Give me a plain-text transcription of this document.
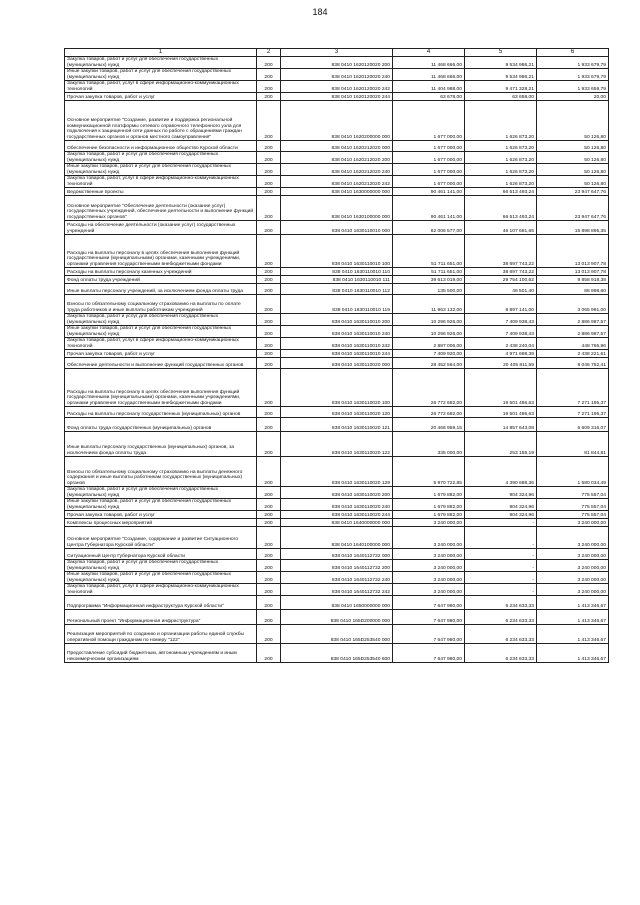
184
1	2	3	4	5	6
Закупка товаров, работ и услуг для обеспечения государственных (муниципальных) нужд	200	838 0410 1620120020 200	11 468 666,00	9 534 986,21	1 933 679,79
Иные закупки товаров, работ и услуг для обеспечения государственных (муниципальных) нужд	200	838 0410 1620120020 240	11 468 666,00	9 534 986,21	1 933 679,79
Закупка товаров, работ, услуг в сфере информационно-коммуникационных технологий	200	838 0410 1620120020 242	11 404 988,00	9 471 328,21	1 933 659,79
Прочая закупка товаров, работ и услуг	200	838 0410 1620120020 244	63 678,00	63 658,00	20,00
Основное мероприятие "Создание, развитие и поддержка региональной коммуникационной платформы сетевого справочного телефонного узла для подключения к защищенной сети данных по работе с обращениями граждан государственных органов и органов местного самоуправления"	200	838 0410 1620200000 000	1 677 000,00	1 626 873,20	50 126,80
Обеспечение безопасности и информационное общество Курской области	200	838 0410 1620212020 000	1 677 000,00	1 626 873,20	50 126,80
Закупка товаров, работ и услуг для обеспечения государственных (муниципальных) нужд	200	838 0410 1620212020 200	1 677 000,00	1 626 873,20	50 126,80
Иные закупки товаров, работ и услуг для обеспечения государственных (муниципальных) нужд	200	838 0410 1620212020 240	1 677 000,00	1 626 873,20	50 126,80
Закупка товаров, работ, услуг в сфере информационно-коммуникационных технологий	200	838 0410 1620212020 242	1 677 000,00	1 626 873,20	50 126,80
Ведомственные проекты	200	838 0410 1630000000 000	90 461 141,00	66 513 493,24	23 947 647,76
Основное мероприятие "Обеспечение деятельности (оказание услуг) государственных учреждений, обеспечение деятельности и выполнение функций государственных органов"	200	838 0410 1630100000 000	90 461 141,00	66 513 493,24	23 947 647,76
Расходы на обеспечение деятельности (оказание услуг) государственных учреждений	200	838 0410 1630110010 000	62 006 577,00	46 107 681,65	15 898 895,35
Расходы на выплаты персоналу в целях обеспечения выполнения функций государственными (муниципальными) органами, казенными учреждениями, органами управления государственными внебюджетными фондами	200	838 0410 1630110010 100	51 711 651,00	38 697 743,22	13 013 907,78
Расходы на выплаты персоналу казенных учреждений	200	838 0410 1630110010 110	51 711 651,00	38 697 743,22	13 013 907,78
Фонд оплаты труда учреждений	200	838 0410 1630110010 111	39 613 019,00	29 754 100,62	9 858 918,38
Иные выплаты персоналу учреждений, за исключением фонда оплаты труда	200	838 0410 1630110010 112	135 500,00	46 501,40	88 998,60
Взносы по обязательному социальному страхованию на выплаты по оплате труда работников и иные выплаты работникам учреждений	200	838 0410 1630110010 119	11 963 132,00	8 897 141,00	3 065 991,00
Закупка товаров, работ и услуг для обеспечения государственных (муниципальных) нужд	200	838 0410 1630110010 200	10 296 926,00	7 409 938,43	2 886 987,57
Иные закупки товаров, работ и услуг для обеспечения государственных (муниципальных) нужд	200	838 0410 1630110010 240	10 296 926,00	7 409 938,43	2 886 987,57
Закупка товаров, работ, услуг в сфере информационно-коммуникационных технологий	200	838 0410 1630110010 242	2 887 006,00	2 438 240,04	448 765,96
Прочая закупка товаров, работ и услуг	200	838 0410 1630110010 244	7 409 920,00	4 971 698,39	2 438 221,61
Обеспечение деятельности и выполнение функций государственных органов	200	838 0410 1630110020 000	28 452 564,00	20 405 811,59	8 046 752,41
Расходы на выплаты персоналу в целях обеспечения выполнения функций государственными (муниципальными) органами, казенными учреждениями, органами управления государственными внебюджетными фондами	200	838 0410 1630110020 100	26 772 682,00	19 501 486,63	7 271 195,37
Расходы на выплаты персоналу государственных (муниципальных) органов	200	838 0410 1630110020 120	26 772 682,00	19 501 486,63	7 271 195,37
Фонд оплаты труда государственных (муниципальных) органов	200	838 0410 1630110020 121	20 466 959,15	14 857 643,08	5 609 316,07
Иные выплаты персоналу государственных (муниципальных) органов, за исключением фонда оплаты труда	200	838 0410 1630110020 122	335 000,00	253 155,19	81 844,81
Взносы по обязательному социальному страхованию на выплаты денежного содержания и иные выплаты работникам государственных (муниципальных) органов	200	838 0410 1630110020 129	5 970 722,85	4 390 688,36	1 580 034,49
Закупка товаров, работ и услуг для обеспечения государственных (муниципальных) нужд	200	838 0410 1630110020 200	1 679 882,00	904 324,96	775 557,04
Иные закупки товаров, работ и услуг для обеспечения государственных (муниципальных) нужд	200	838 0410 1630110020 240	1 679 882,00	904 324,96	775 557,04
Прочая закупка товаров, работ и услуг	200	838 0410 1630110020 244	1 679 882,00	904 324,96	775 557,04
Комплексы процессных мероприятий	200	838 0410 1640000000 000	3 240 000,00	-	3 240 000,00
Основное мероприятие "Создание, содержание и развитие Ситуационного Центра Губернатора Курской области"	200	838 0410 1640100000 000	3 240 000,00	-	3 240 000,00
Ситуационный Центр Губернатора Курской области	200	838 0410 1640112732 000	3 240 000,00	-	3 240 000,00
Закупка товаров, работ и услуг для обеспечения государственных (муниципальных) нужд	200	838 0410 1640112732 200	3 240 000,00	-	3 240 000,00
Иные закупки товаров, работ и услуг для обеспечения государственных (муниципальных) нужд	200	838 0410 1640112732 240	3 240 000,00	-	3 240 000,00
Закупка товаров, работ, услуг в сфере информационно-коммуникационных технологий	200	838 0410 1640112732 242	3 240 000,00	-	3 240 000,00
Подпрограмма "Информационная инфраструктура Курской области"	200	838 0410 1650000000 000	7 647 980,00	6 234 633,33	1 413 346,67
Региональный проект "Информационная инфраструктура"	200	838 0410 165D200000 000	7 647 980,00	6 234 633,33	1 413 346,67
Реализация мероприятий по созданию и организации работы единой службы оперативной помощи гражданам по номеру "122"	200	838 0410 165D253540 000	7 647 980,00	6 234 633,33	1 413 346,67
Предоставление субсидий бюджетным, автономным учреждениям и иным некоммерческим организациям	200	838 0410 165D253540 600	7 647 980,00	6 234 633,33	1 413 346,67
